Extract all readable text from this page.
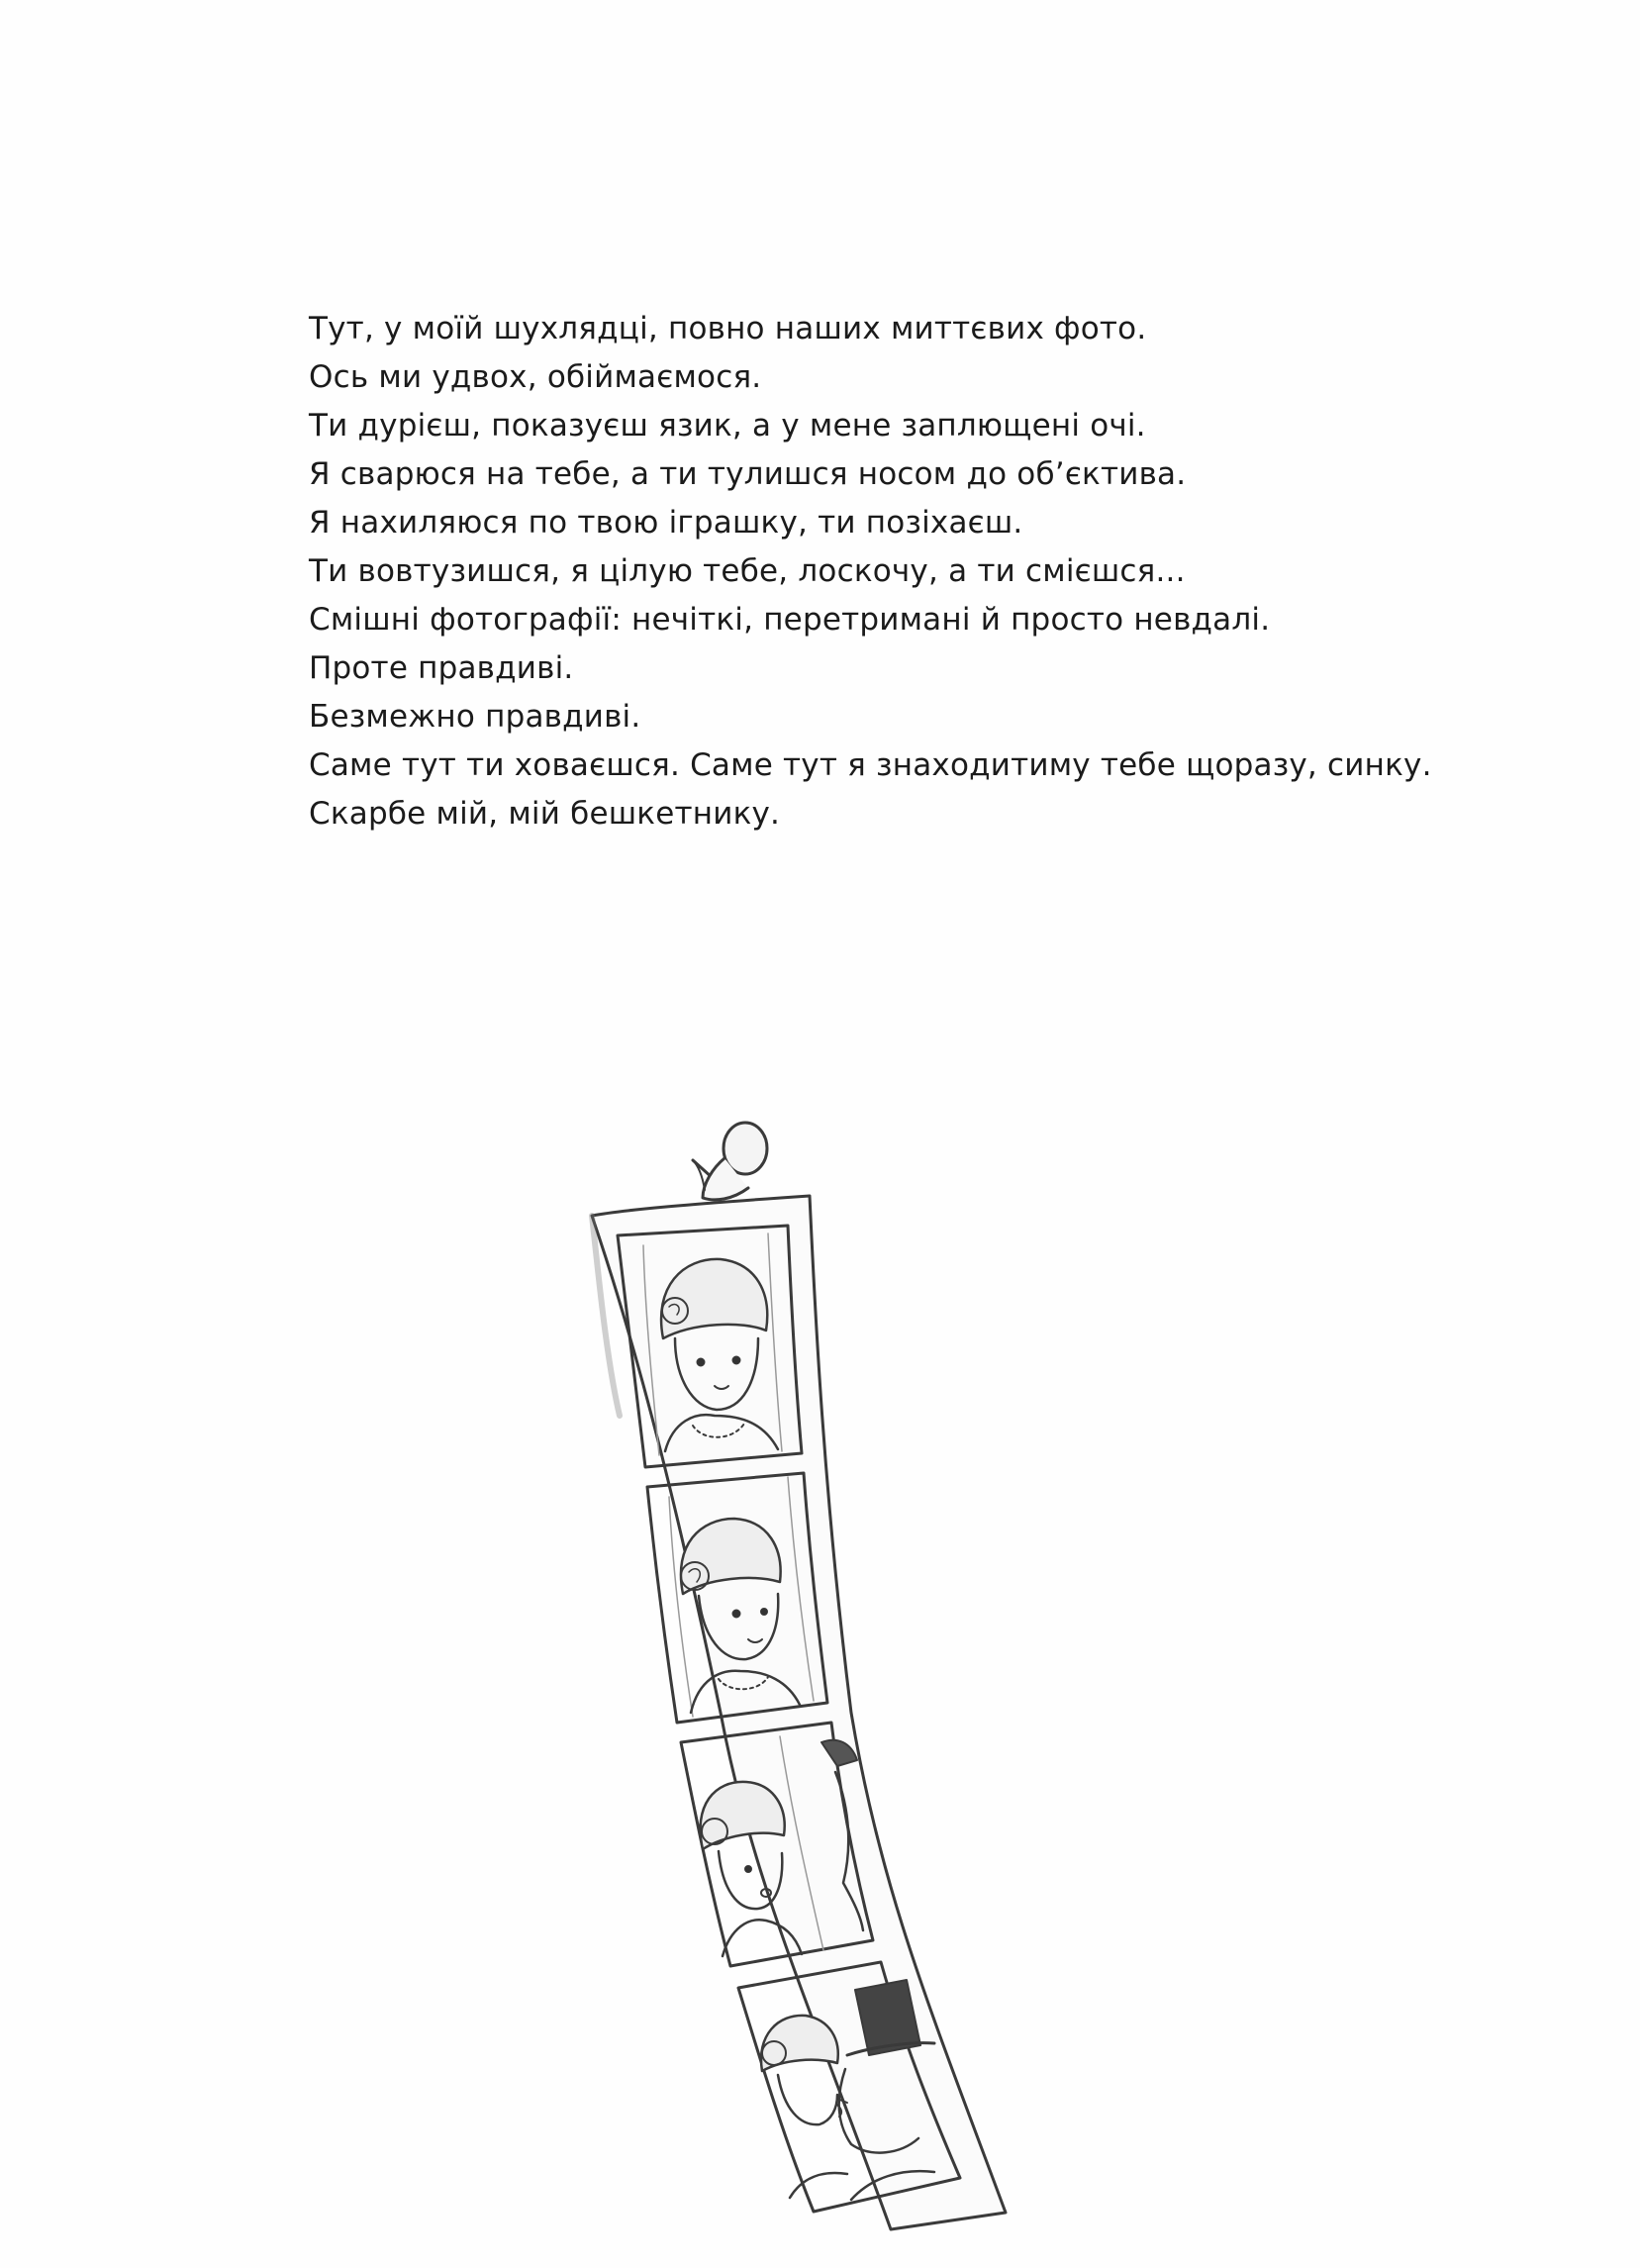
Тут, у моїй шухлядці, повно наших миттєвих фото.
Ось ми удвох, обіймаємося.
Ти дурієш, показуєш язик, а у мене заплющені очі.
Я сварюся на тебе, а ти тулишся носом до об’єктива.
Я нахиляюся по твою іграшку, ти позіхаєш.
Ти вовтузишся, я цілую тебе, лоскочу, а ти смієшся...
Смішні фотографії: нечіткі, перетримані й просто невдалі.
Проте правдиві.
Безмежно правдиві.
Саме тут ти ховаєшся. Саме тут я знаходитиму тебе щоразу, синку.
Скарбе мій, мій бешкетнику.
